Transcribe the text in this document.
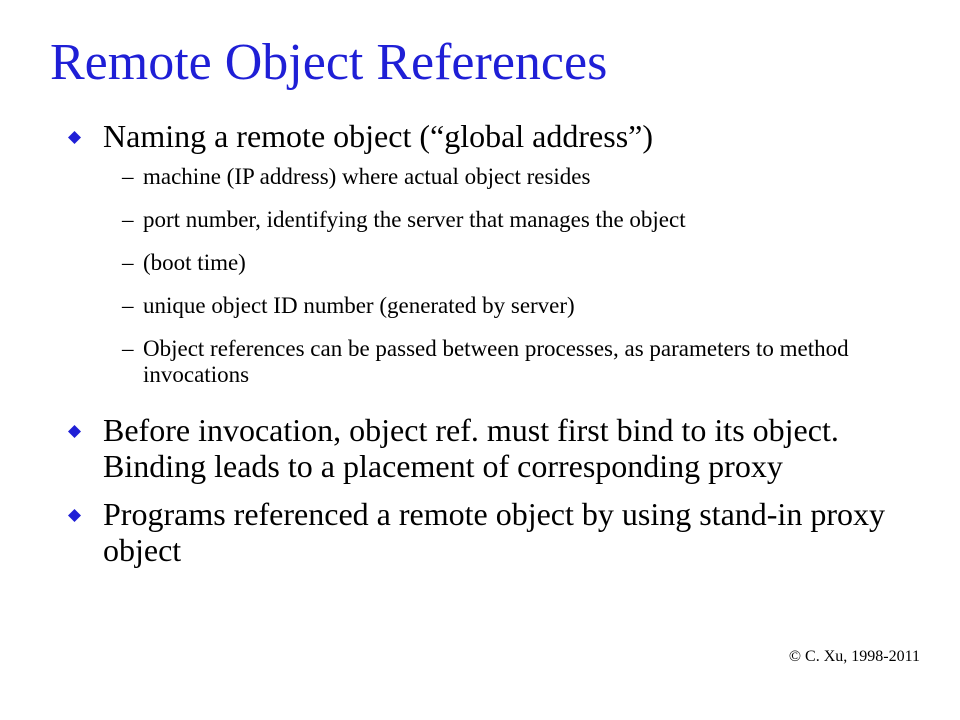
Remote Object References
Naming a remote object (“global address”)
– machine (IP address) where actual object resides
– port number, identifying the server that manages the object
– (boot time)
– unique object ID number (generated by server)
– Object references can be passed between processes, as parameters to method invocations
Before invocation, object ref. must first bind to its object. Binding leads to a placement of corresponding proxy
Programs referenced a remote object by using stand-in proxy object
© C. Xu, 1998-2011
